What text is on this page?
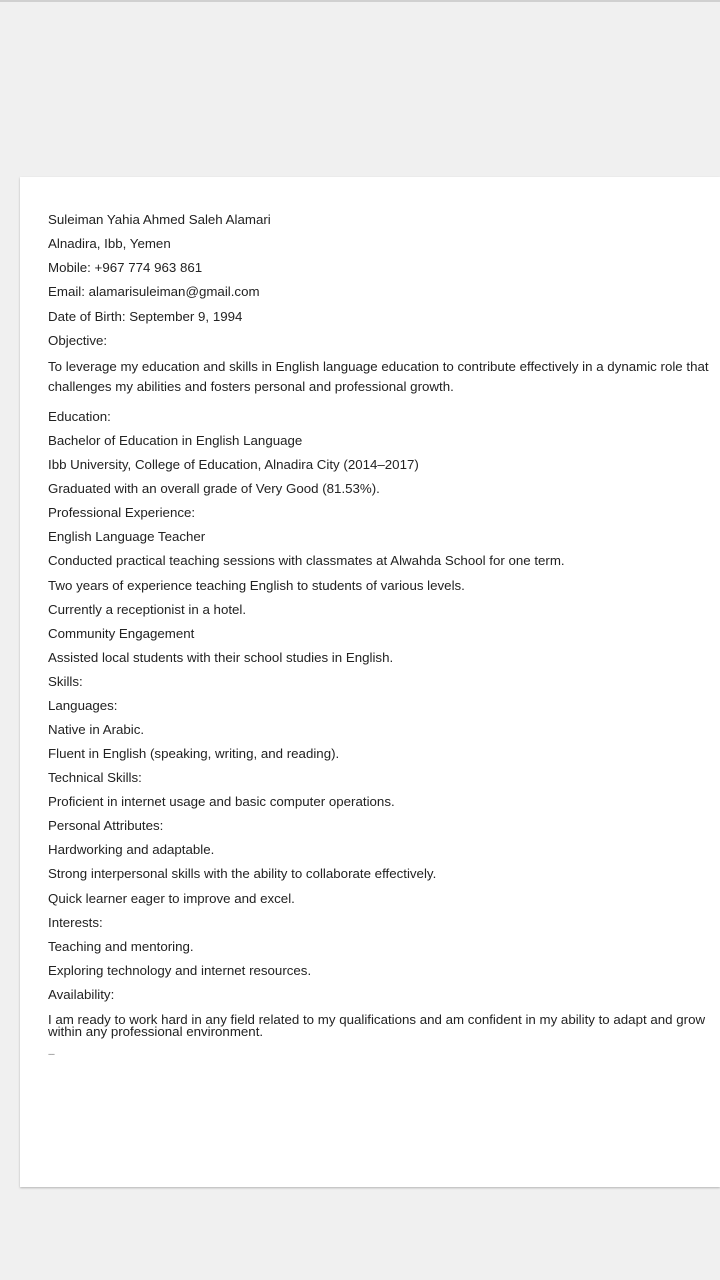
Suleiman Yahia Ahmed Saleh Alamari
Alnadira, Ibb, Yemen
Mobile: +967 774 963 861
Email: alamarisuleiman@gmail.com
Date of Birth: September 9, 1994
Objective:
To leverage my education and skills in English language education to contribute effectively in a dynamic role that challenges my abilities and fosters personal and professional growth.
Education:
Bachelor of Education in English Language
Ibb University, College of Education, Alnadira City (2014–2017)
Graduated with an overall grade of Very Good (81.53%).
Professional Experience:
English Language Teacher
Conducted practical teaching sessions with classmates at Alwahda School for one term.
Two years of experience teaching English to students of various levels.
Currently a receptionist in a hotel.
Community Engagement
Assisted local students with their school studies in English.
Skills:
Languages:
Native in Arabic.
Fluent in English (speaking, writing, and reading).
Technical Skills:
Proficient in internet usage and basic computer operations.
Personal Attributes:
Hardworking and adaptable.
Strong interpersonal skills with the ability to collaborate effectively.
Quick learner eager to improve and excel.
Interests:
Teaching and mentoring.
Exploring technology and internet resources.
Availability:
I am ready to work hard in any field related to my qualifications and am confident in my ability to adapt and grow within any professional environment.
---
